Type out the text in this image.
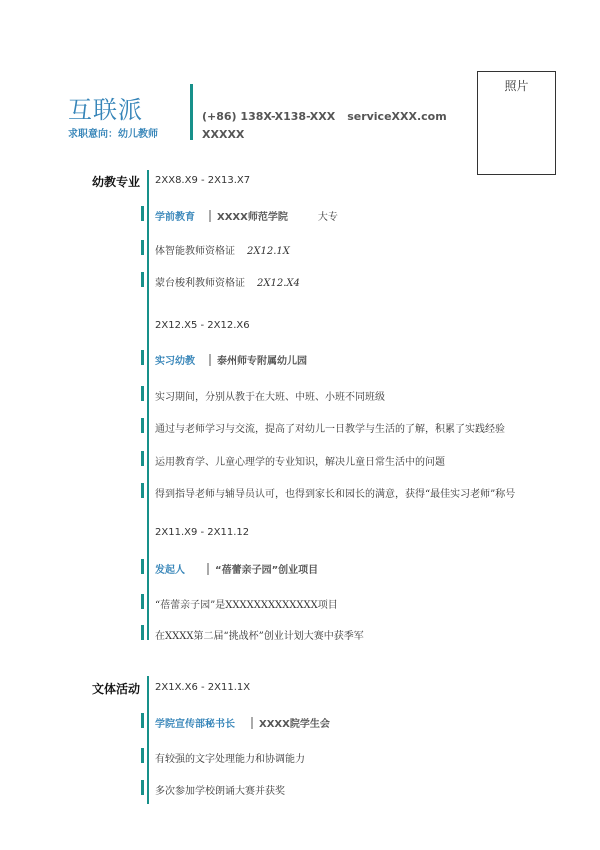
互联派
求职意向：幼儿教师
(+86) 138X-X138-XXX serviceXXX.com
XXXXX
照片
幼教专业 2XX8.X9 - 2X13.X7
学前教育 XXXX师范学院	大专
体智能教师资格证 2X12.1X
蒙台梭利教师资格证 2X12.X4
2X12.X5 - 2X12.X6
实习幼教 泰州师专附属幼儿园
实习期间，分别从教于在大班、中班、小班不同班级
通过与老师学习与交流，提高了对幼儿一日教学与生活的了解，积累了实践经验
运用教育学、儿童心理学的专业知识，解决儿童日常生活中的问题
得到指导老师与辅导员认可，也得到家长和园长的满意，获得“最佳实习老师”称号
2X11.X9 - 2X11.12
发起人	“蓓蕾亲子园”创业项目
“蓓蕾亲子园”是XXXXXXXXXXXXX项目
在XXXX第二届“挑战杯”创业计划大赛中获季军
文体活动 2X1X.X6 - 2X11.1X
学院宣传部秘书长 XXXX院学生会
有较强的文字处理能力和协调能力
多次参加学校朗诵大赛并获奖
